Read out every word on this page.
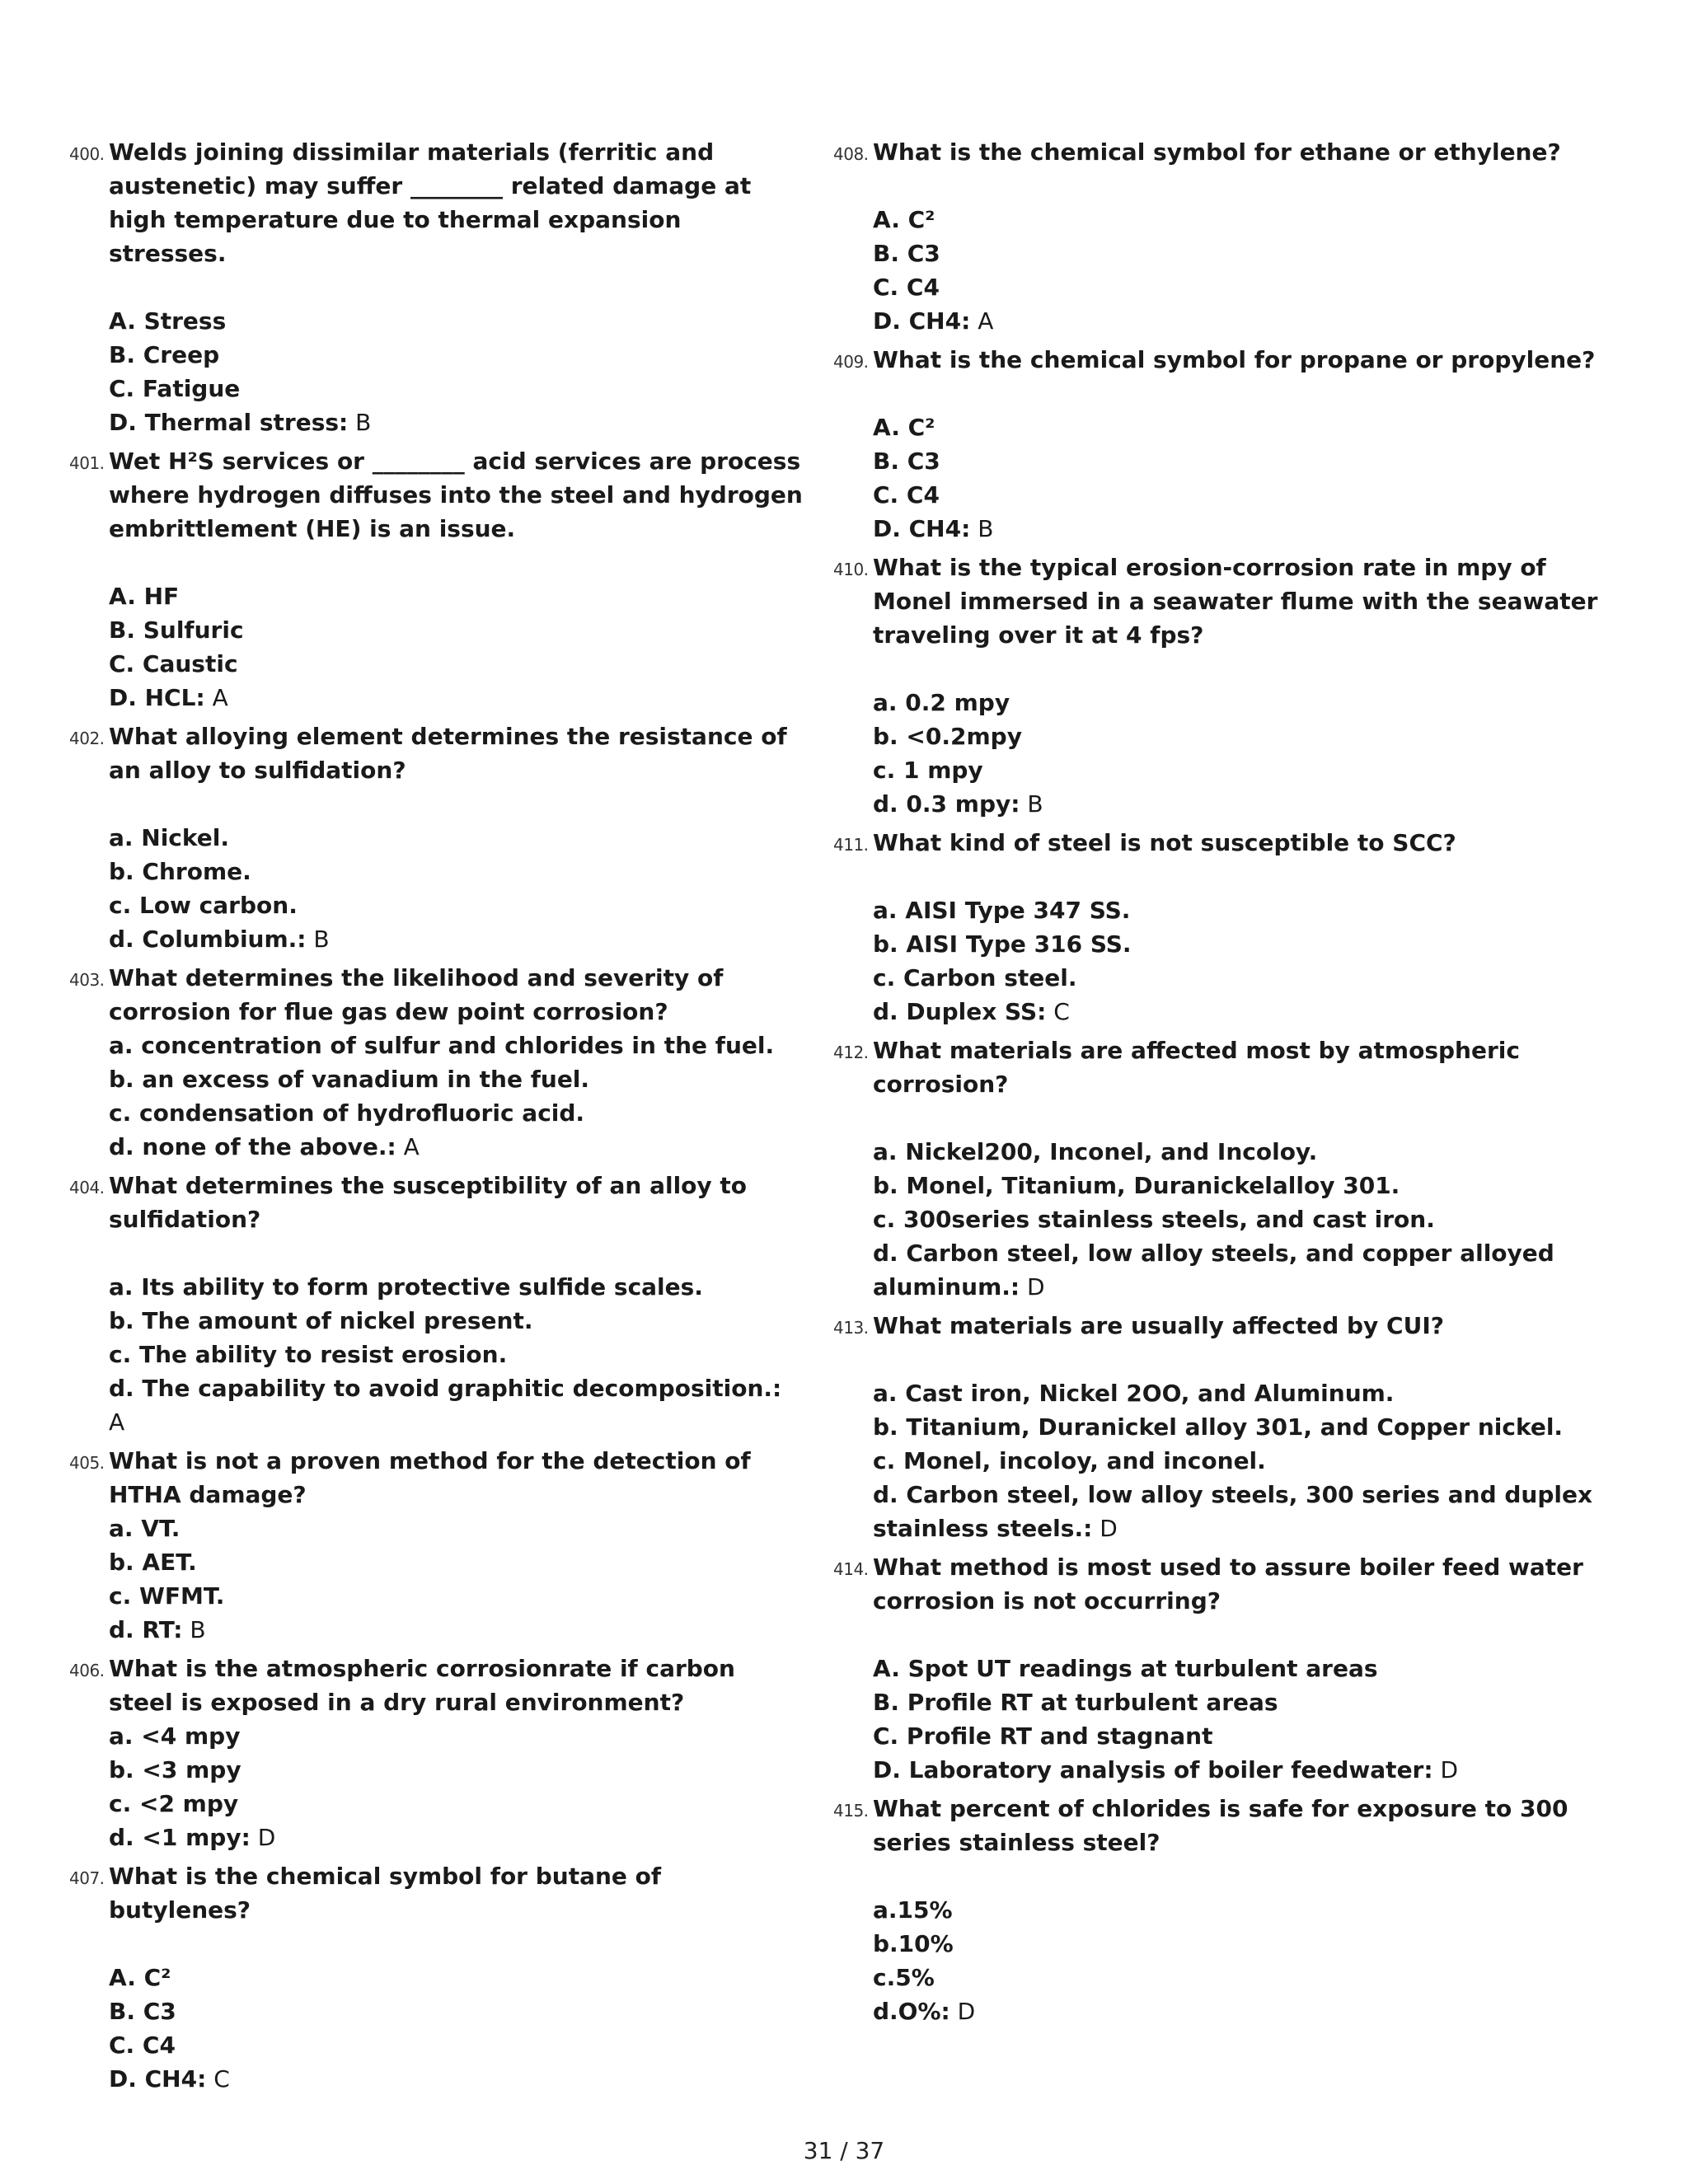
400. Welds joining dissimilar materials (ferritic and austenetic) may suffer ________ related damage at high temperature due to thermal expansion stresses.
A. Stress
B. Creep
C. Fatigue
D. Thermal stress: B
401. Wet H²S services or ________ acid services are process where hydrogen diffuses into the steel and hydrogen embrittlement (HE) is an issue.
A. HF
B. Sulfuric
C. Caustic
D. HCL: A
402. What alloying element determines the resistance of an alloy to sulfidation?
a. Nickel.
b. Chrome.
c. Low carbon.
d. Columbium.: B
403. What determines the likelihood and severity of corrosion for flue gas dew point corrosion?
a. concentration of sulfur and chlorides in the fuel.
b. an excess of vanadium in the fuel.
c. condensation of hydrofluoric acid.
d. none of the above.: A
404. What determines the susceptibility of an alloy to sulfidation?
a. Its ability to form protective sulfide scales.
b. The amount of nickel present.
c. The ability to resist erosion.
d. The capability to avoid graphitic decomposition.: A
405. What is not a proven method for the detection of HTHA damage?
a. VT.
b. AET.
c. WFMT.
d. RT: B
406. What is the atmospheric corrosionrate if carbon steel is exposed in a dry rural environment?
a. <4 mpy
b. <3 mpy
c. <2 mpy
d. <1 mpy: D
407. What is the chemical symbol for butane of butylenes?
A. C²
B. C3
C. C4
D. CH4: C
408. What is the chemical symbol for ethane or ethylene?
A. C²
B. C3
C. C4
D. CH4: A
409. What is the chemical symbol for propane or propylene?
A. C²
B. C3
C. C4
D. CH4: B
410. What is the typical erosion-corrosion rate in mpy of Monel immersed in a seawater flume with the seawater traveling over it at 4 fps?
a. 0.2 mpy
b. <0.2mpy
c. 1 mpy
d. 0.3 mpy: B
411. What kind of steel is not susceptible to SCC?
a. AISI Type 347 SS.
b. AISI Type 316 SS.
c. Carbon steel.
d. Duplex SS: C
412. What materials are affected most by atmospheric corrosion?
a. Nickel200, Inconel, and Incoloy.
b. Monel, Titanium, Duranickelalloy 301.
c. 300series stainless steels, and cast iron.
d. Carbon steel, low alloy steels, and copper alloyed aluminum.: D
413. What materials are usually affected by CUI?
a. Cast iron, Nickel 2OO, and Aluminum.
b. Titanium, Duranickel alloy 301, and Copper nickel.
c. Monel, incoloy, and inconel.
d. Carbon steel, low alloy steels, 300 series and duplex stainless steels.: D
414. What method is most used to assure boiler feed water corrosion is not occurring?
A. Spot UT readings at turbulent areas
B. Profile RT at turbulent areas
C. Profile RT and stagnant
D. Laboratory analysis of boiler feedwater: D
415. What percent of chlorides is safe for exposure to 300 series stainless steel?
a.15%
b.10%
c.5%
d.O%: D
31 / 37
